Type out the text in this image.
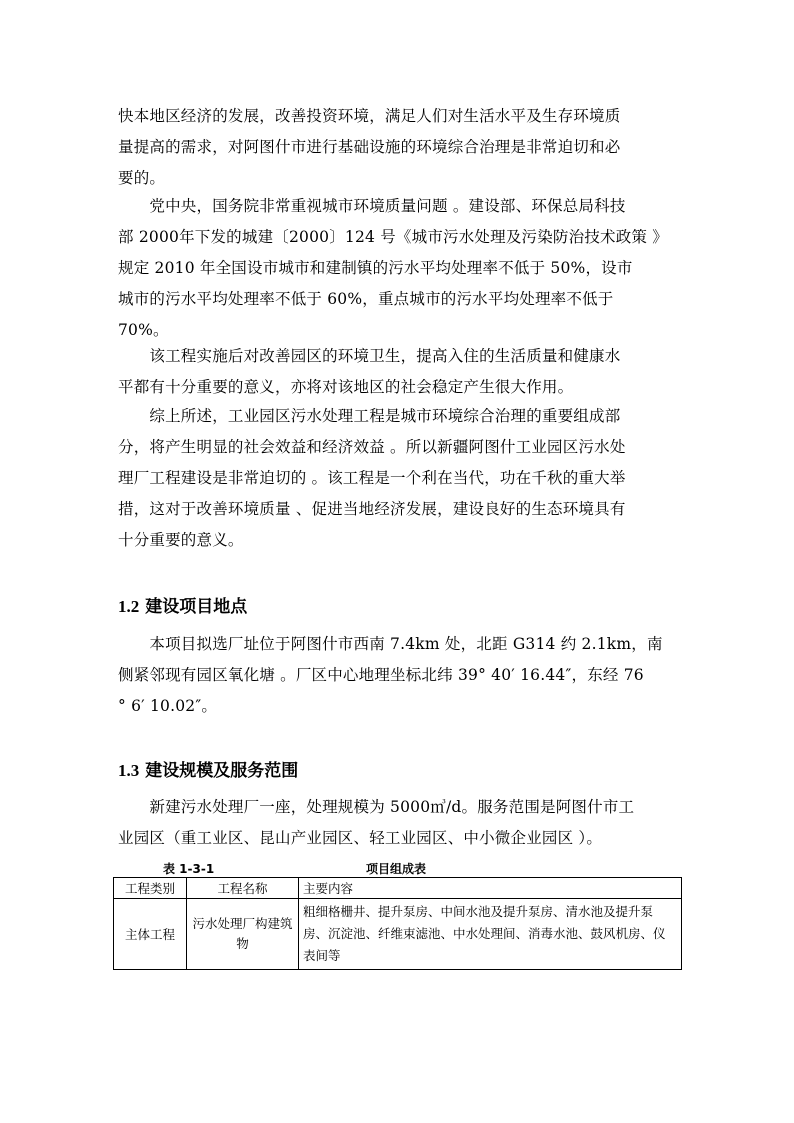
快本地区经济的发展，改善投资环境，满足人们对生活水平及生存环境质
量提高的需求，对阿图什市进行基础设施的环境综合治理是非常迫切和必
要的。

　　党中央，国务院非常重视城市环境质量问题 。建设部、环保总局科技
部 2000年下发的城建〔2000〕124 号《城市污水处理及污染防治技术政策 》
规定 2010 年全国设市城市和建制镇的污水平均处理率不低于 50%，设市
城市的污水平均处理率不低于 60%，重点城市的污水平均处理率不低于
70%。

　　该工程实施后对改善园区的环境卫生，提高入住的生活质量和健康水
平都有十分重要的意义，亦将对该地区的社会稳定产生很大作用。

　　综上所述，工业园区污水处理工程是城市环境综合治理的重要组成部
分，将产生明显的社会效益和经济效益 。所以新疆阿图什工业园区污水处
理厂工程建设是非常迫切的 。该工程是一个利在当代，功在千秋的重大举
措，这对于改善环境质量 、促进当地经济发展，建设良好的生态环境具有
十分重要的意义。

1.2 建设项目地点

　　本项目拟选厂址位于阿图什市西南 7.4km 处，北距 G314 约 2.1km，南
侧紧邻现有园区氧化塘 。厂区中心地理坐标北纬 39° 40′ 16.44″，东经 76
° 6′ 10.02″。

1.3 建设规模及服务范围

　　新建污水处理厂一座，处理规模为 5000㎥/d。服务范围是阿图什市工
业园区（重工业区、昆山产业园区、轻工业园区、中小微企业园区 ）。

表 1-3-1	项目组成表
工程类别	工程名称	主要内容
主体工程	污水处理厂构建筑物	粗细格栅井、提升泵房、中间水池及提升泵房、清水池及提升泵房、沉淀池、纤维束滤池、中水处理间、消毒水池、鼓风机房、仪表间等
